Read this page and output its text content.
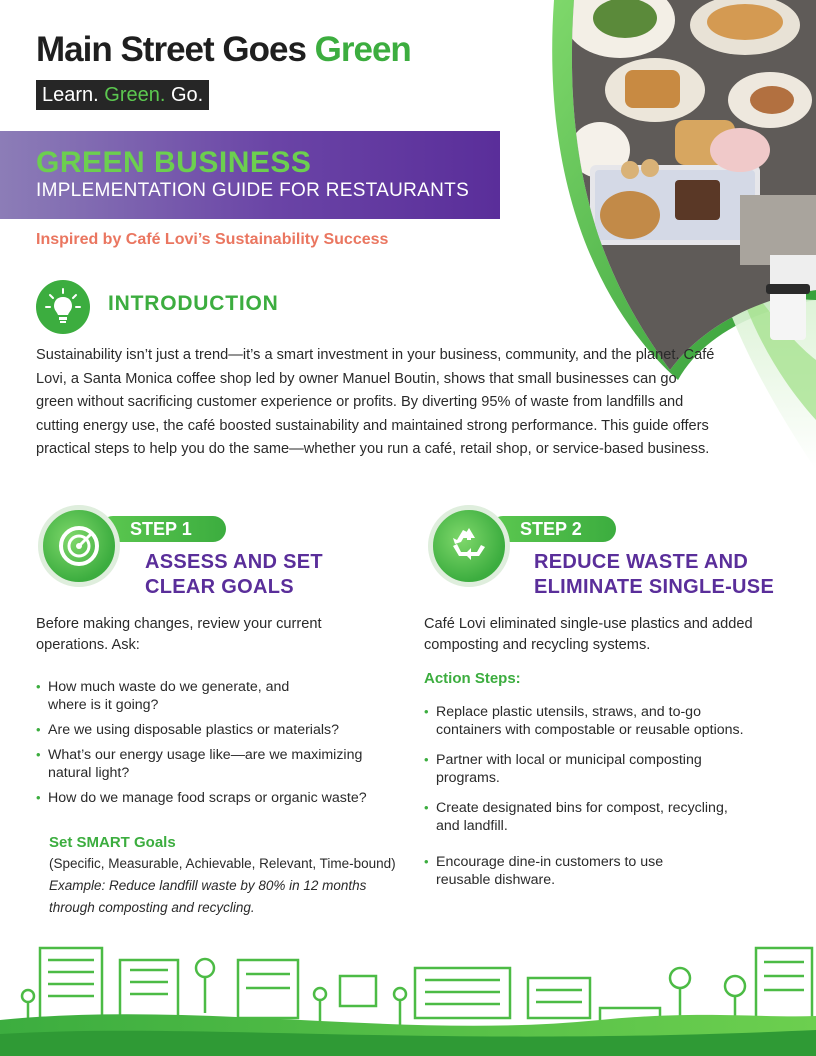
Main Street Goes Green
Learn. Green. Go.
GREEN BUSINESS
IMPLEMENTATION GUIDE FOR RESTAURANTS
Inspired by Café Lovi’s Sustainability Success
INTRODUCTION

Sustainability isn’t just a trend—it’s a smart investment in your business, community, and the planet. Café Lovi, a Santa Monica coffee shop led by owner Manuel Boutin, shows that small businesses can go green without sacrificing customer experience or profits. By diverting 95% of waste from landfills and cutting energy use, the café boosted sustainability and maintained strong performance. This guide offers practical steps to help you do the same—whether you run a café, retail shop, or service-based business.

STEP 1
ASSESS AND SET
CLEAR GOALS

Before making changes, review your current operations. Ask:

• How much waste do we generate, and
where is it going?
• Are we using disposable plastics or materials?
• What’s our energy usage like—are we maximizing
natural light?
• How do we manage food scraps or organic waste?
Set SMART Goals
(Specific, Measurable, Achievable, Relevant, Time-bound)
Example: Reduce landfill waste by 80% in 12 months
through composting and recycling.
STEP 2
REDUCE WASTE AND
ELIMINATE SINGLE-USE

Café Lovi eliminated single-use plastics and added composting and recycling systems.

Action Steps:
• Replace plastic utensils, straws, and to-go
containers with compostable or reusable options.
• Partner with local or municipal composting
programs.
• Create designated bins for compost, recycling,
and landfill.
• Encourage dine-in customers to use
reusable dishware.
